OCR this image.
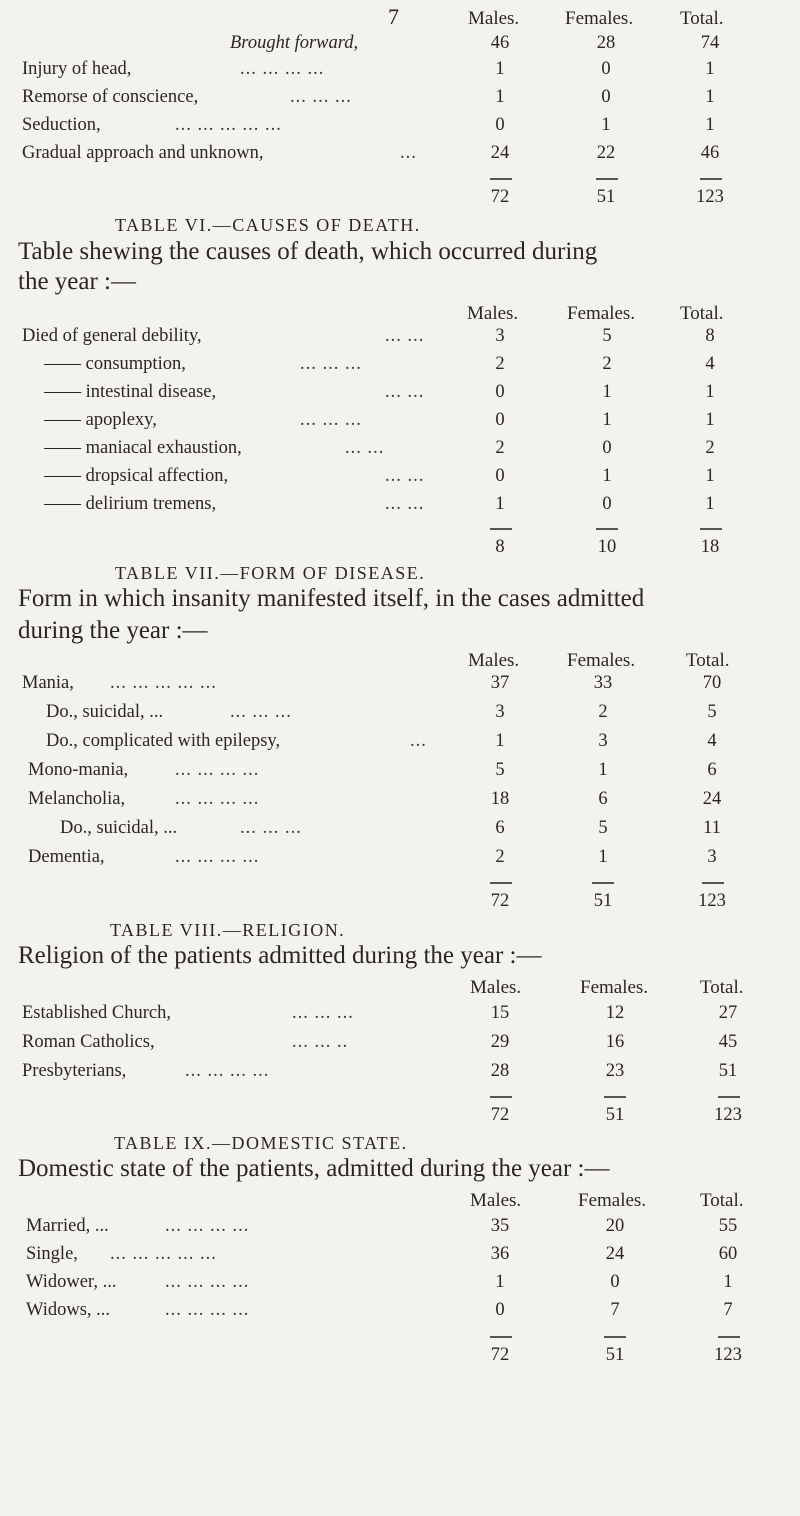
7	Males. Females. Total.
Brought forward,	46	28	74
Injury of head,	... ... ... ...	1	0	1
Remorse of conscience,	... ... ...	1	0	1
Seduction,	... ... ... ... ...	0	1	1
Gradual approach and unknown,	...	24	22	46
72	51	123
TABLE VI.—CAUSES OF DEATH.
Table shewing the causes of death, which occurred during
the year :—
Males.	Females. Total.
Died of general debility,	... ...	3	5	8
—— consumption,	... ... ...	2	2	4
—— intestinal disease,	... ...	0	1	1
—— apoplexy,	... ... ...	0	1	1
—— maniacal exhaustion,	... ...	2	0	2
—— dropsical affection,	... ...	0	1	1
—— delirium tremens,	... ...	1	0	1
8	10	18
TABLE VII.—FORM OF DISEASE.
Form in which insanity manifested itself, in the cases admitted
during the year :—
Males.	Females.	Total.
Mania, ... ... ... ... ...	37	33	70
Do., suicidal, ...	... ... ...	3	2	5
Do., complicated with epilepsy,	...	1	3	4
Mono-mania,	... ... ... ...	5	1	6
Melancholia,	... ... ... ...	18	6	24
Do., suicidal, ...	... ... ...	6	5	11
Dementia,	... ... ... ...	2	1	3
72	51	123
TABLE VIII.—RELIGION.
Religion of the patients admitted during the year :—
Males.	Females.	Total.
Established Church,	... ... ...	15	12	27
Roman Catholics,	... ... ..	29	16	45
Presbyterians,	... ... ... ...	28	23	51
72	51	123
TABLE IX.—DOMESTIC STATE.
Domestic state of the patients, admitted during the year :—
Males.	Females.	Total.
Married, ...	... ... ... ...	35	20	55
Single, ... ... ... ... ...	36	24	60
Widower, ...	... ... ... ...	1	0	1
Widows, ...	... ... ... ...	0	7	7
72	51	123
